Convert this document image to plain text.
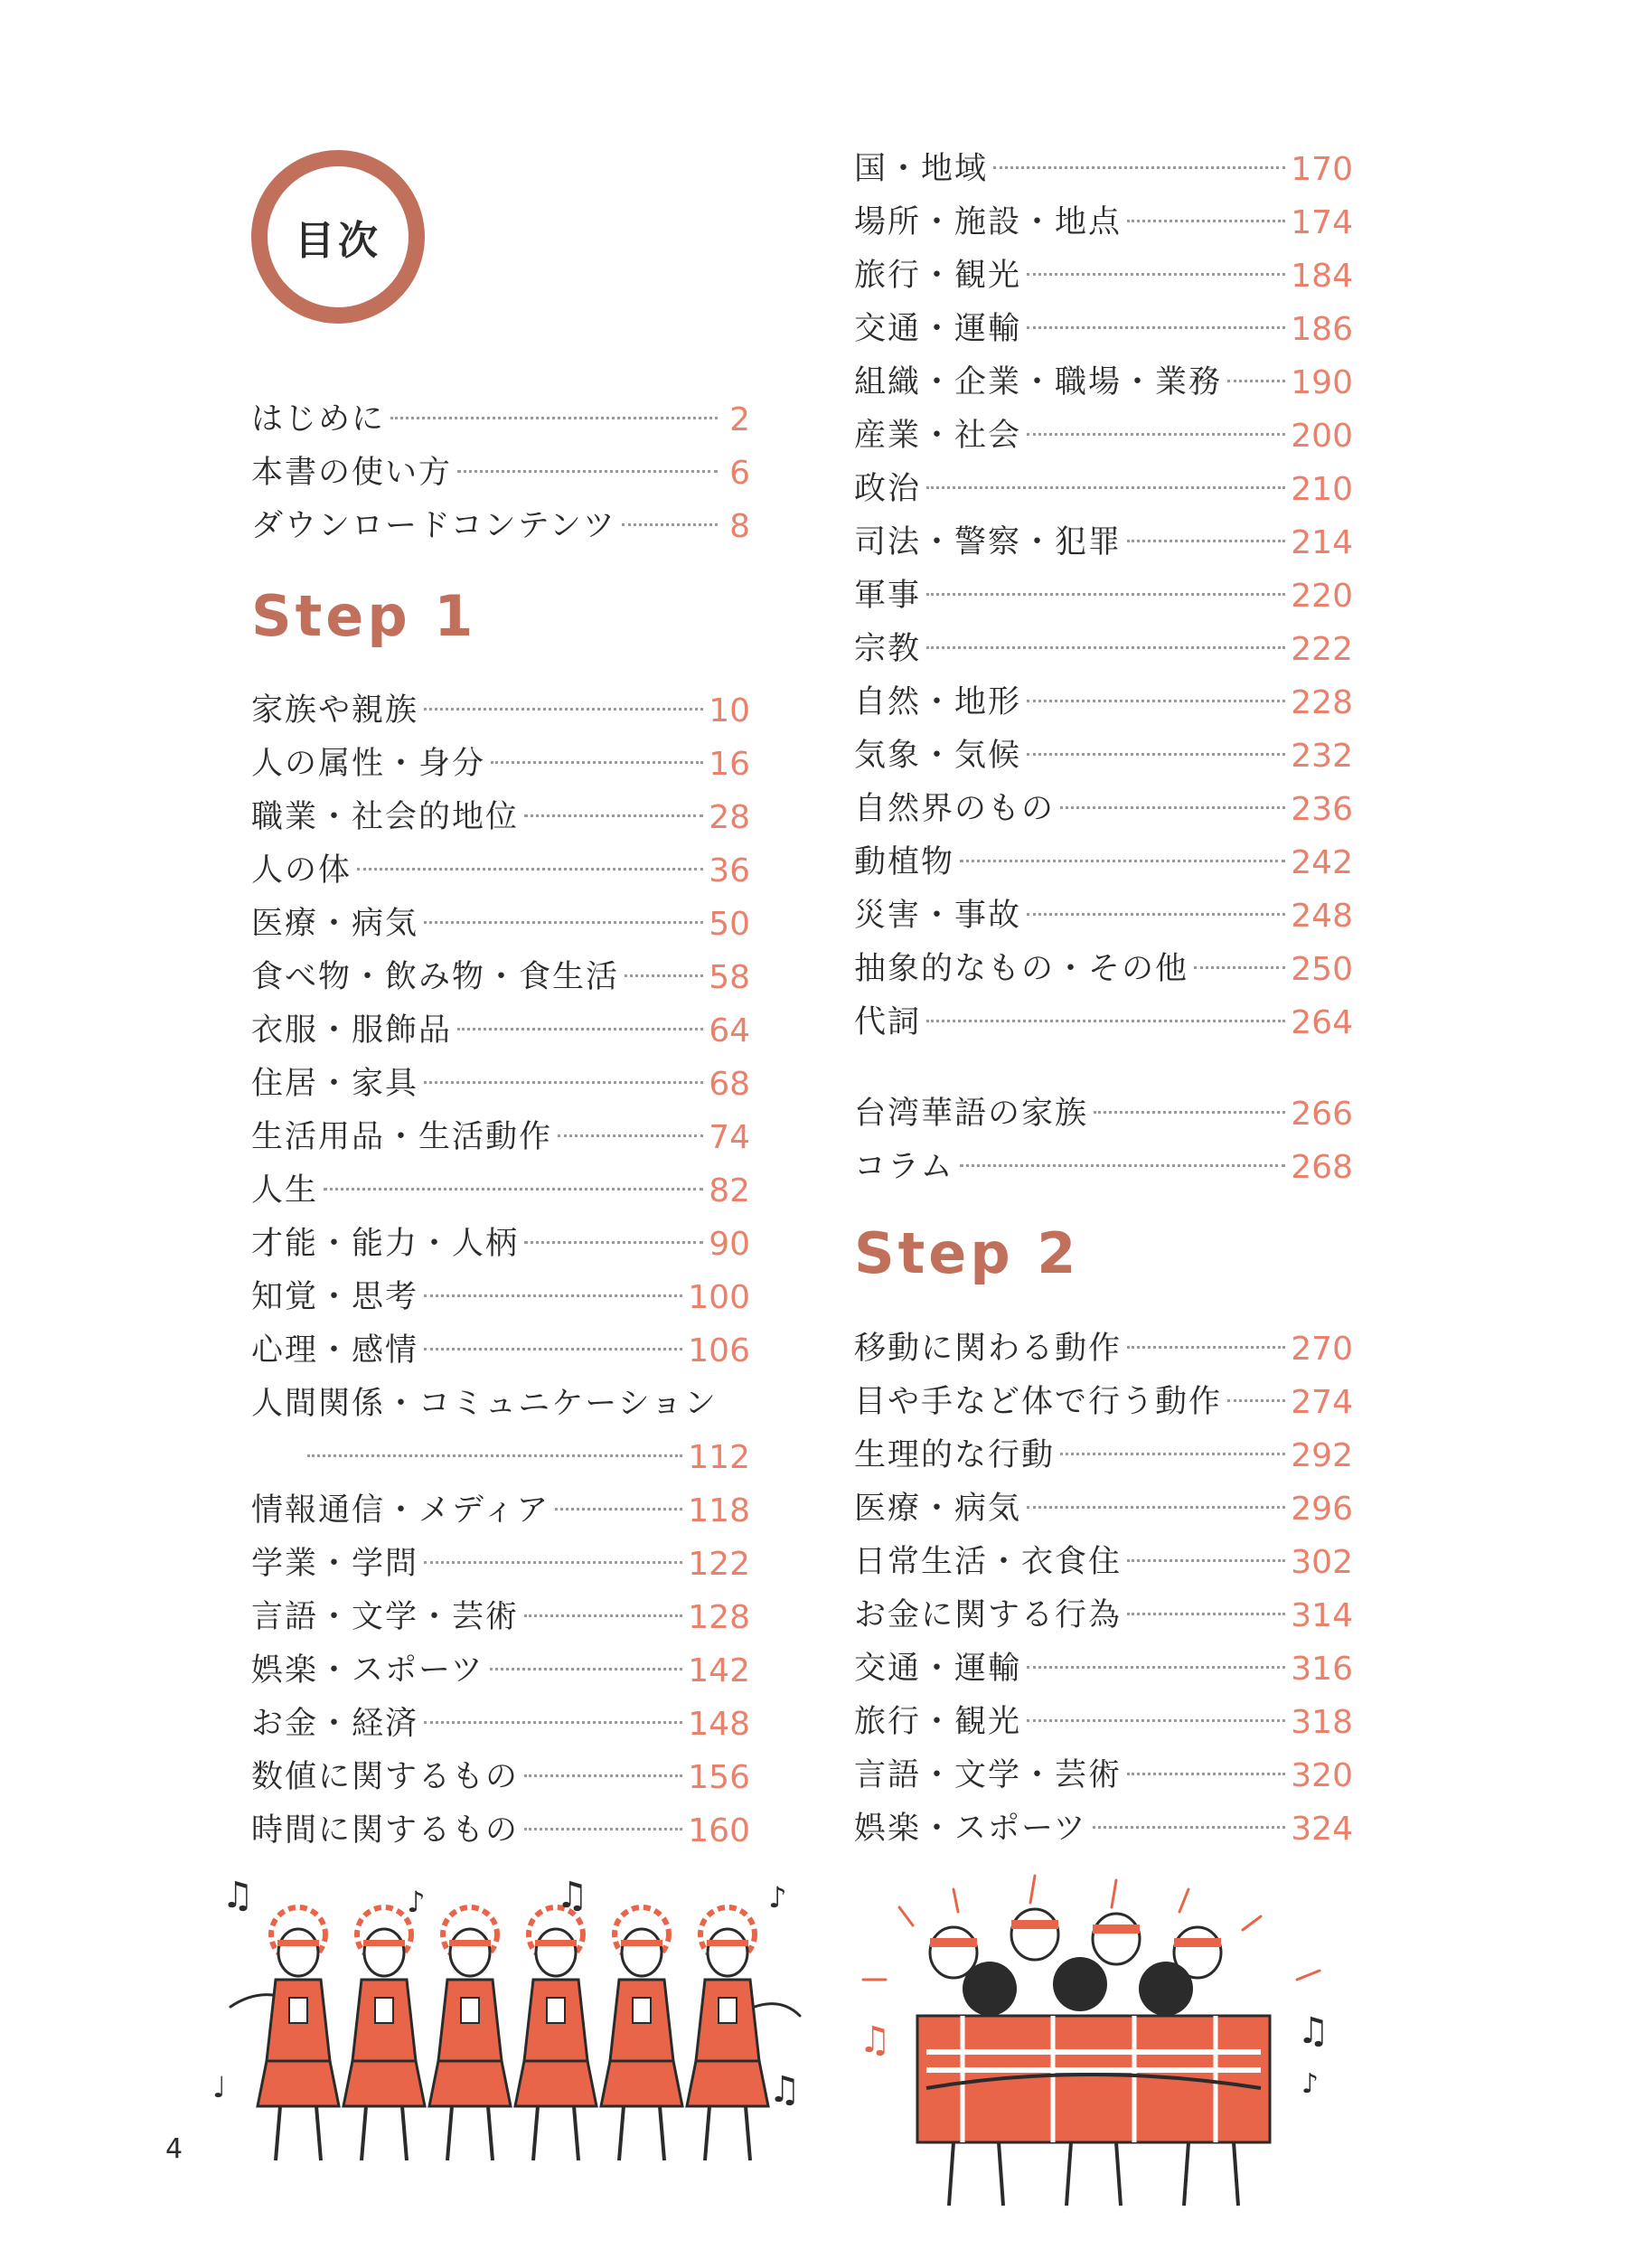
目次
はじめに	2
本書の使い方	6
ダウンロードコンテンツ	8
Step 1
家族や親族	10
人の属性・身分	16
職業・社会的地位	28
人の体	36
医療・病気	50
食べ物・飲み物・食生活	58
衣服・服飾品	64
住居・家具	68
生活用品・生活動作	74
人生	82
才能・能力・人柄	90
知覚・思考	100
心理・感情	106
人間関係・コミュニケーション
112
情報通信・メディア	118
学業・学問	122
言語・文学・芸術	128
娯楽・スポーツ	142
お金・経済	148
数値に関するもの	156
時間に関するもの	160
国・地域	170
場所・施設・地点	174
旅行・観光	184
交通・運輸	186
組織・企業・職場・業務 190
産業・社会	200
政治	210
司法・警察・犯罪	214
軍事	220
宗教	222
自然・地形	228
気象・気候	232
自然界のもの	236
動植物	242
災害・事故	248
抽象的なもの・その他	250
代詞	264
台湾華語の家族	266
コラム	268
Step 2
移動に関わる動作	270
目や手など体で行う動作 274
生理的な行動	292
医療・病気	296
日常生活・衣食住	302
お金に関する行為	314
交通・運輸	316
旅行・観光	318
言語・文学・芸術	320
娯楽・スポーツ	324
♫	♪	♫	♪
♩	♫
♫	♫
♪
4
